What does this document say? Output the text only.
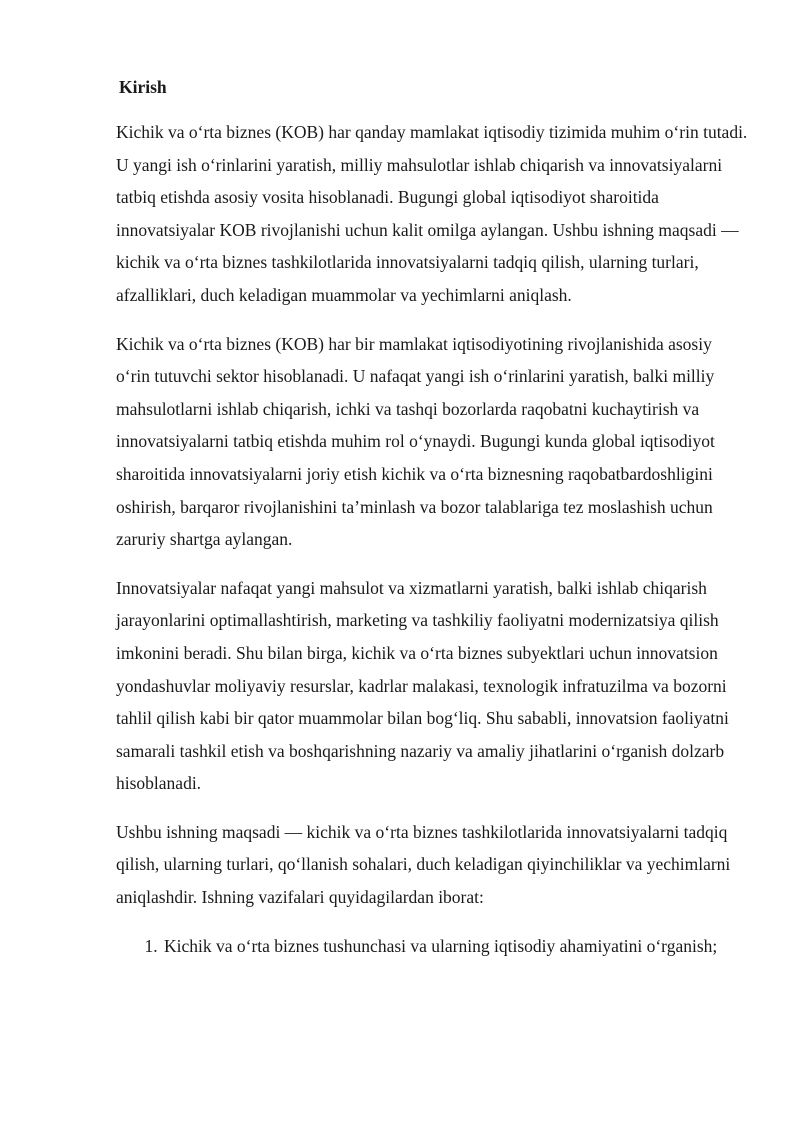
Kirish

Kichik va o‘rta biznes (KOB) har qanday mamlakat iqtisodiy tizimida muhim o‘rin tutadi. U yangi ish o‘rinlarini yaratish, milliy mahsulotlar ishlab chiqarish va innovatsiyalarni tatbiq etishda asosiy vosita hisoblanadi. Bugungi global iqtisodiyot sharoitida innovatsiyalar KOB rivojlanishi uchun kalit omilga aylangan. Ushbu ishning maqsadi — kichik va o‘rta biznes tashkilotlarida innovatsiyalarni tadqiq qilish, ularning turlari, afzalliklari, duch keladigan muammolar va yechimlarni aniqlash.

Kichik va o‘rta biznes (KOB) har bir mamlakat iqtisodiyotining rivojlanishida asosiy o‘rin tutuvchi sektor hisoblanadi. U nafaqat yangi ish o‘rinlarini yaratish, balki milliy mahsulotlarni ishlab chiqarish, ichki va tashqi bozorlarda raqobatni kuchaytirish va innovatsiyalarni tatbiq etishda muhim rol o‘ynaydi. Bugungi kunda global iqtisodiyot sharoitida innovatsiyalarni joriy etish kichik va o‘rta biznesning raqobatbardoshligini oshirish, barqaror rivojlanishini ta’minlash va bozor talablariga tez moslashish uchun zaruriy shartga aylangan.

Innovatsiyalar nafaqat yangi mahsulot va xizmatlarni yaratish, balki ishlab chiqarish jarayonlarini optimallashtirish, marketing va tashkiliy faoliyatni modernizatsiya qilish imkonini beradi. Shu bilan birga, kichik va o‘rta biznes subyektlari uchun innovatsion yondashuvlar moliyaviy resurslar, kadrlar malakasi, texnologik infratuzilma va bozorni tahlil qilish kabi bir qator muammolar bilan bog‘liq. Shu sababli, innovatsion faoliyatni samarali tashkil etish va boshqarishning nazariy va amaliy jihatlarini o‘rganish dolzarb hisoblanadi.

Ushbu ishning maqsadi — kichik va o‘rta biznes tashkilotlarida innovatsiyalarni tadqiq qilish, ularning turlari, qo‘llanish sohalari, duch keladigan qiyinchiliklar va yechimlarni aniqlashdir. Ishning vazifalari quyidagilardan iborat:

1. Kichik va o‘rta biznes tushunchasi va ularning iqtisodiy ahamiyatini o‘rganish;
